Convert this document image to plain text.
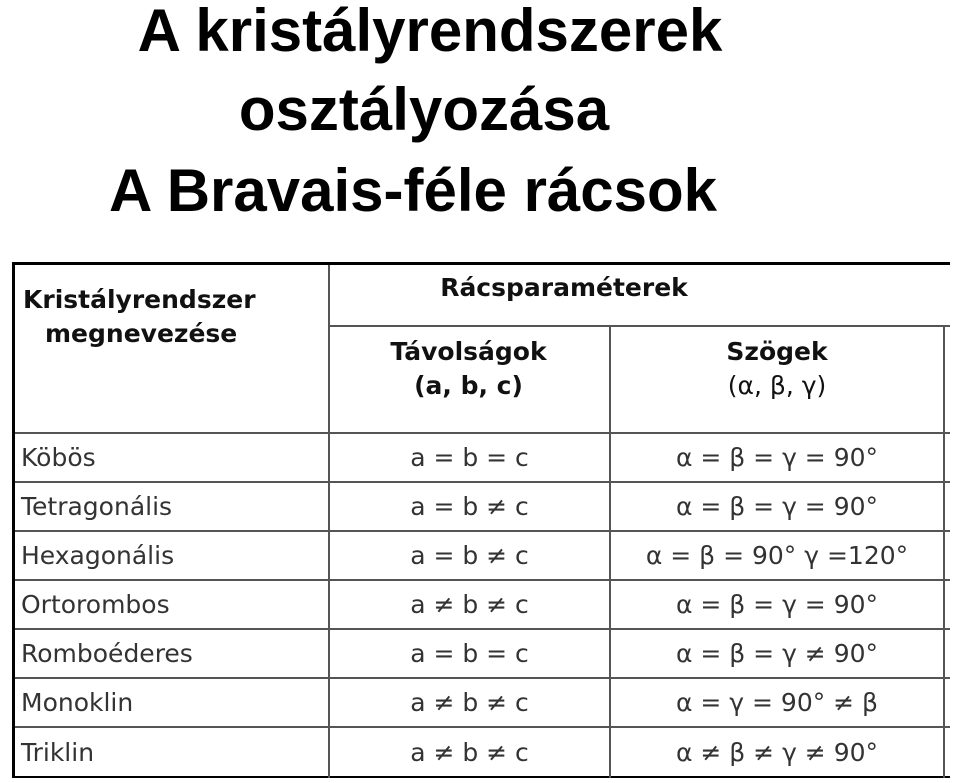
A kristályrendszerek
osztályozása
A Bravais-féle rácsok
Kristályrendszer
megnevezése
Rácsparaméterek
Távolságok
(a, b, c)
Szögek
(α, β, γ)
Köbös	a = b = c	α = β = γ = 90°
Tetragonális	a = b ≠ c	α = β = γ = 90°
Hexagonális	a = b ≠ c	α = β = 90° γ =120°
Ortorombos	a ≠ b ≠ c	α = β = γ = 90°
Romboéderes	a = b = c	α = β = γ ≠ 90°
Monoklin	a ≠ b ≠ c	α = γ = 90° ≠ β
Triklin	a ≠ b ≠ c	α ≠ β ≠ γ ≠ 90°
